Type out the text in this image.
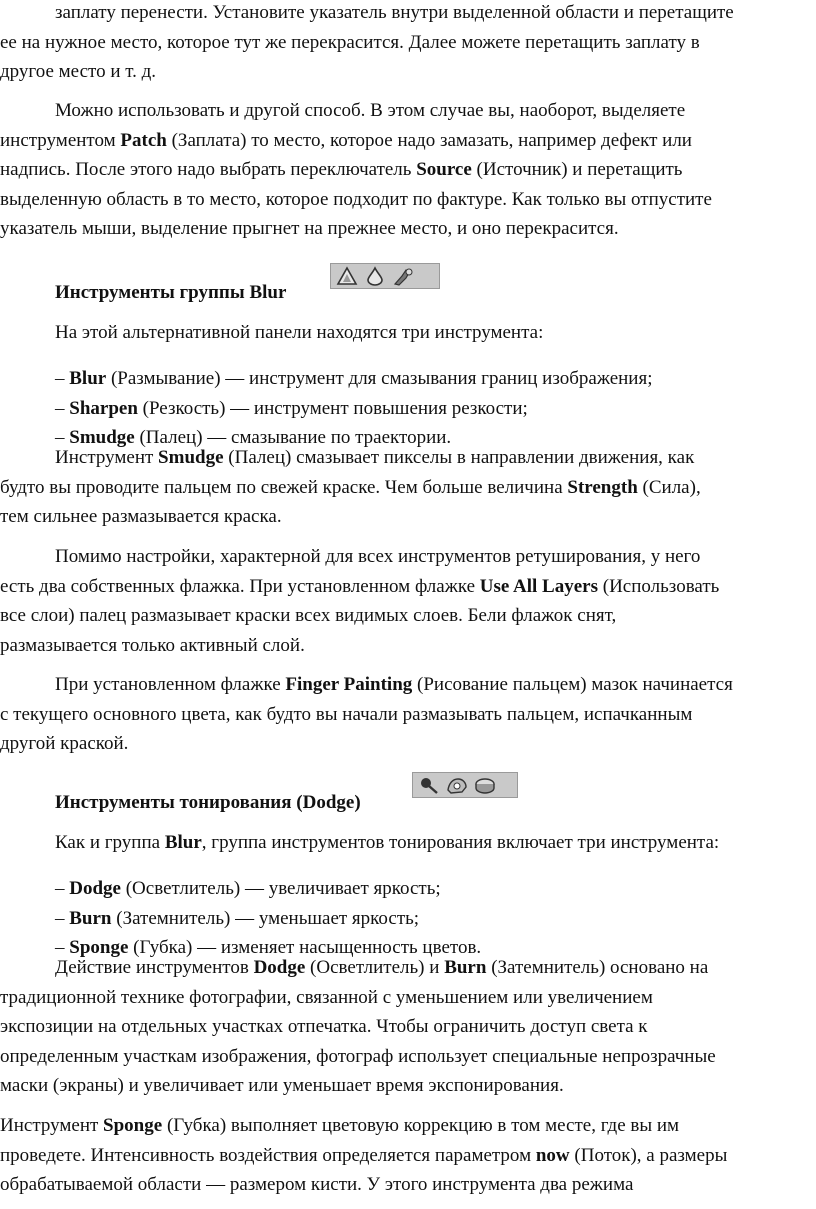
заплату перенести. Установите указатель внутри выделенной области и перетащите
ее на нужное место, которое тут же перекрасится. Далее можете перетащить заплату в
другое место и т. д.

Можно использовать и другой способ. В этом случае вы, наоборот, выделяете
инструментом Patch (Заплата) то место, которое надо замазать, например дефект или
надпись. После этого надо выбрать переключатель Source (Источник) и перетащить
выделенную область в то место, которое подходит по фактуре. Как только вы отпустите
указатель мыши, выделение прыгнет на прежнее место, и оно перекрасится.

Инструменты группы Blur

На этой альтернативной панели находятся три инструмента:

– Blur (Размывание) — инструмент для смазывания границ изображения;
– Sharpen (Резкость) — инструмент повышения резкости;
– Smudge (Палец) — смазывание по траектории.

Инструмент Smudge (Палец) смазывает пикселы в направлении движения, как
будто вы проводите пальцем по свежей краске. Чем больше величина Strength (Сила),
тем сильнее размазывается краска.

Помимо настройки, характерной для всех инструментов ретуширования, у него
есть два собственных флажка. При установленном флажке Use All Layers (Использовать
все слои) палец размазывает краски всех видимых слоев. Бели флажок снят,
размазывается только активный слой.

При установленном флажке Finger Painting (Рисование пальцем) мазок начинается
с текущего основного цвета, как будто вы начали размазывать пальцем, испачканным
другой краской.

Инструменты тонирования (Dodge)

Как и группа Blur, группа инструментов тонирования включает три инструмента:

– Dodge (Осветлитель) — увеличивает яркость;
– Burn (Затемнитель) — уменьшает яркость;
– Sponge (Губка) — изменяет насыщенность цветов.

Действие инструментов Dodge (Осветлитель) и Burn (Затемнитель) основано на
традиционной технике фотографии, связанной с уменьшением или увеличением
экспозиции на отдельных участках отпечатка. Чтобы ограничить доступ света к
определенным участкам изображения, фотограф использует специальные непрозрачные
маски (экраны) и увеличивает или уменьшает время экспонирования.

Инструмент Sponge (Губка) выполняет цветовую коррекцию в том месте, где вы им
проведете. Интенсивность воздействия определяется параметром now (Поток), а размеры
обрабатываемой области — размером кисти. У этого инструмента два режима
